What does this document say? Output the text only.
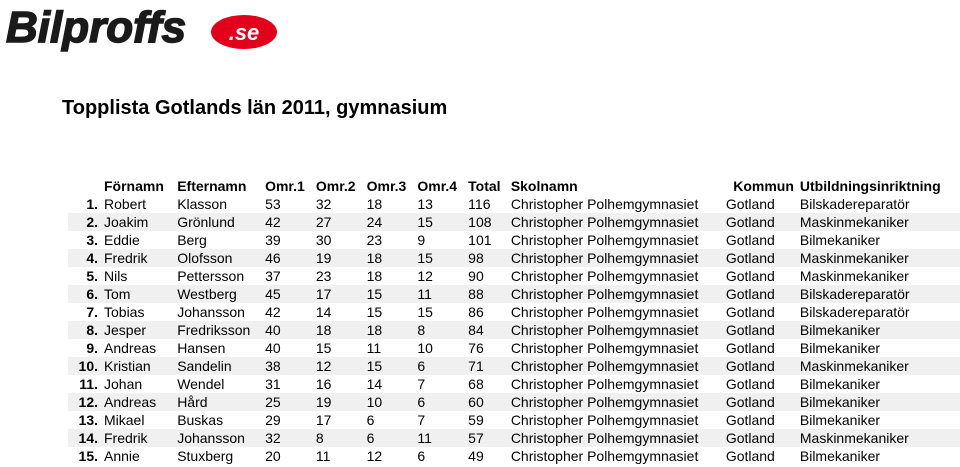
Bilproffs .se
Topplista Gotlands län 2011, gymnasium
	Förnamn	Efternamn	Omr.1	Omr.2	Omr.3	Omr.4	Total	Skolnamn	Kommun	Utbildningsinriktning
1.	Robert	Klasson	53	32	18	13	116	Christopher Polhemgymnasiet	Gotland	Bilskadereparatör
2.	Joakim	Grönlund	42	27	24	15	108	Christopher Polhemgymnasiet	Gotland	Maskinmekaniker
3.	Eddie	Berg	39	30	23	9	101	Christopher Polhemgymnasiet	Gotland	Bilmekaniker
4.	Fredrik	Olofsson	46	19	18	15	98	Christopher Polhemgymnasiet	Gotland	Maskinmekaniker
5.	Nils	Pettersson	37	23	18	12	90	Christopher Polhemgymnasiet	Gotland	Maskinmekaniker
6.	Tom	Westberg	45	17	15	11	88	Christopher Polhemgymnasiet	Gotland	Bilskadereparatör
7.	Tobias	Johansson	42	14	15	15	86	Christopher Polhemgymnasiet	Gotland	Bilskadereparatör
8.	Jesper	Fredriksson	40	18	18	8	84	Christopher Polhemgymnasiet	Gotland	Bilmekaniker
9.	Andreas	Hansen	40	15	11	10	76	Christopher Polhemgymnasiet	Gotland	Bilmekaniker
10.	Kristian	Sandelin	38	12	15	6	71	Christopher Polhemgymnasiet	Gotland	Maskinmekaniker
11.	Johan	Wendel	31	16	14	7	68	Christopher Polhemgymnasiet	Gotland	Bilmekaniker
12.	Andreas	Hård	25	19	10	6	60	Christopher Polhemgymnasiet	Gotland	Bilmekaniker
13.	Mikael	Buskas	29	17	6	7	59	Christopher Polhemgymnasiet	Gotland	Bilmekaniker
14.	Fredrik	Johansson	32	8	6	11	57	Christopher Polhemgymnasiet	Gotland	Maskinmekaniker
15.	Annie	Stuxberg	20	11	12	6	49	Christopher Polhemgymnasiet	Gotland	Bilmekaniker
